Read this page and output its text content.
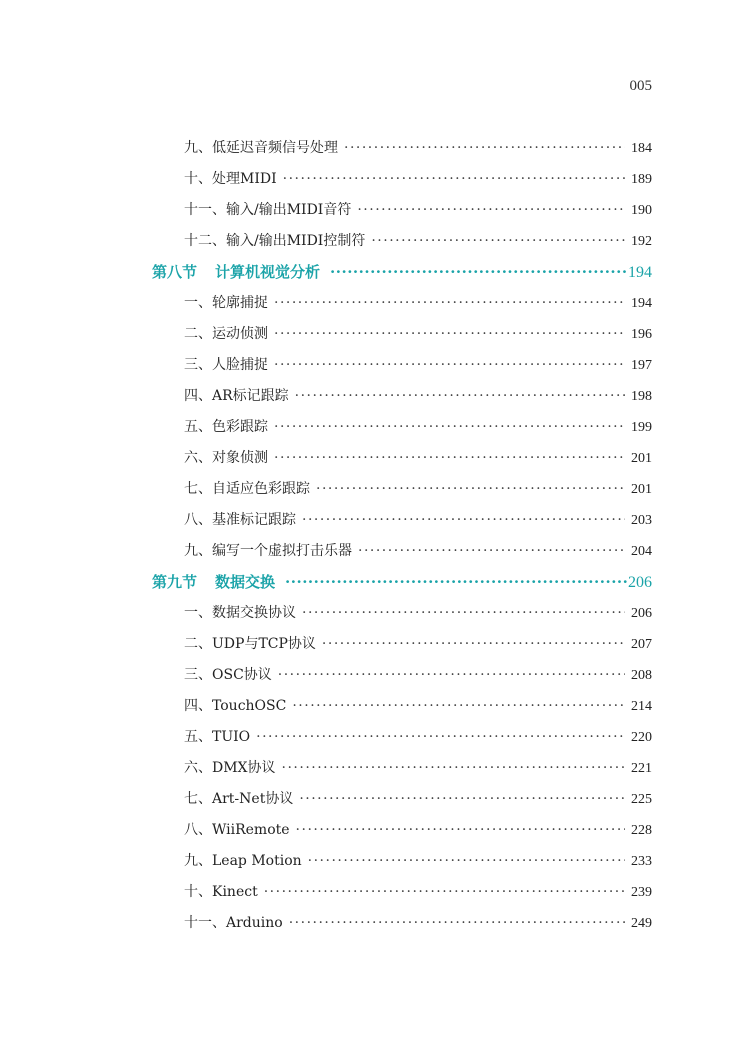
005
九、低延迟音频信号处理 ·····	184
十、处理MIDI ·····	189
十一、输入/输出MIDI音符 ·····	190
十二、输入/输出MIDI控制符 ·····	192
第八节 计算机视觉分析 ·····	194
一、轮廓捕捉 ·····	194
二、运动侦测 ·····	196
三、人脸捕捉 ·····	197
四、AR标记跟踪 ·····	198
五、色彩跟踪 ·····	199
六、对象侦测 ·····	201
七、自适应色彩跟踪 ·····	201
八、基准标记跟踪 ·····	203
九、编写一个虚拟打击乐器 ·····	204
第九节 数据交换 ·····	206
一、数据交换协议 ·····	206
二、UDP与TCP协议 ·····	207
三、OSC协议 ·····	208
四、TouchOSC ·····	214
五、TUIO ·····	220
六、DMX协议 ·····	221
七、Art-Net协议 ·····	225
八、WiiRemote ·····	228
九、Leap Motion ·····	233
十、Kinect ·····	239
十一、Arduino ·····	249
